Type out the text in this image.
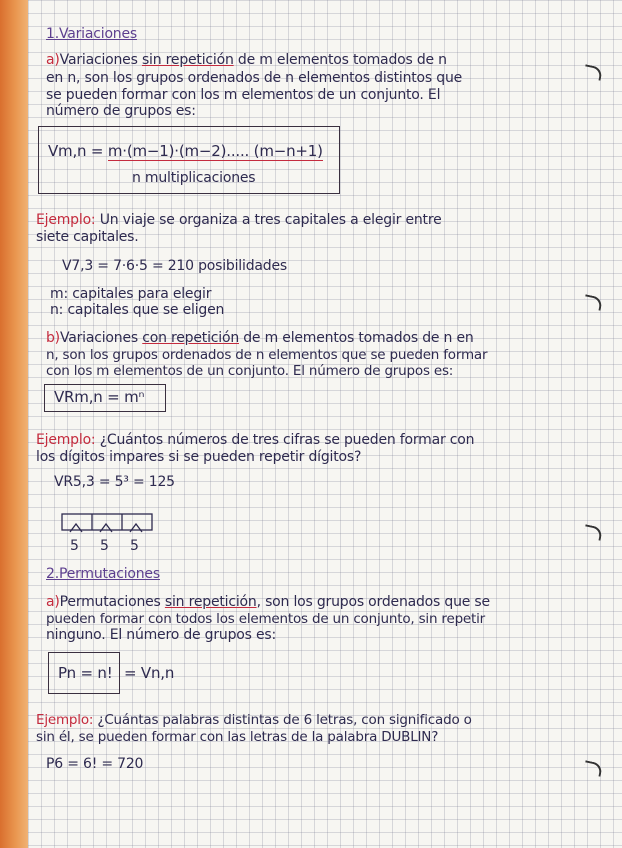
1.Variaciones
a)Variaciones sin repetición de m elementos tomados de n
en n, son los grupos ordenados de n elementos distintos que
se pueden formar con los m elementos de un conjunto. El
número de grupos es:
Vm,n = m·(m−1)·(m−2)..... (m−n+1)
n multiplicaciones
Ejemplo: Un viaje se organiza a tres capitales a elegir entre
siete capitales.
V7,3 = 7·6·5 = 210 posibilidades
m: capitales para elegir
n: capitales que se eligen
b)Variaciones con repetición de m elementos tomados de n en
n, son los grupos ordenados de n elementos que se pueden formar
con los m elementos de un conjunto. El número de grupos es:
VRm,n = mⁿ
Ejemplo: ¿Cuántos números de tres cifras se pueden formar con
los dígitos impares si se pueden repetir dígitos?
VR5,3 = 5³ = 125
5 5 5
2.Permutaciones
a)Permutaciones sin repetición, son los grupos ordenados que se
pueden formar con todos los elementos de un conjunto, sin repetir
ninguno. El número de grupos es:
Pn = n! = Vn,n
Ejemplo: ¿Cuántas palabras distintas de 6 letras, con significado o
sin él, se pueden formar con las letras de la palabra DUBLIN?
P6 = 6! = 720
